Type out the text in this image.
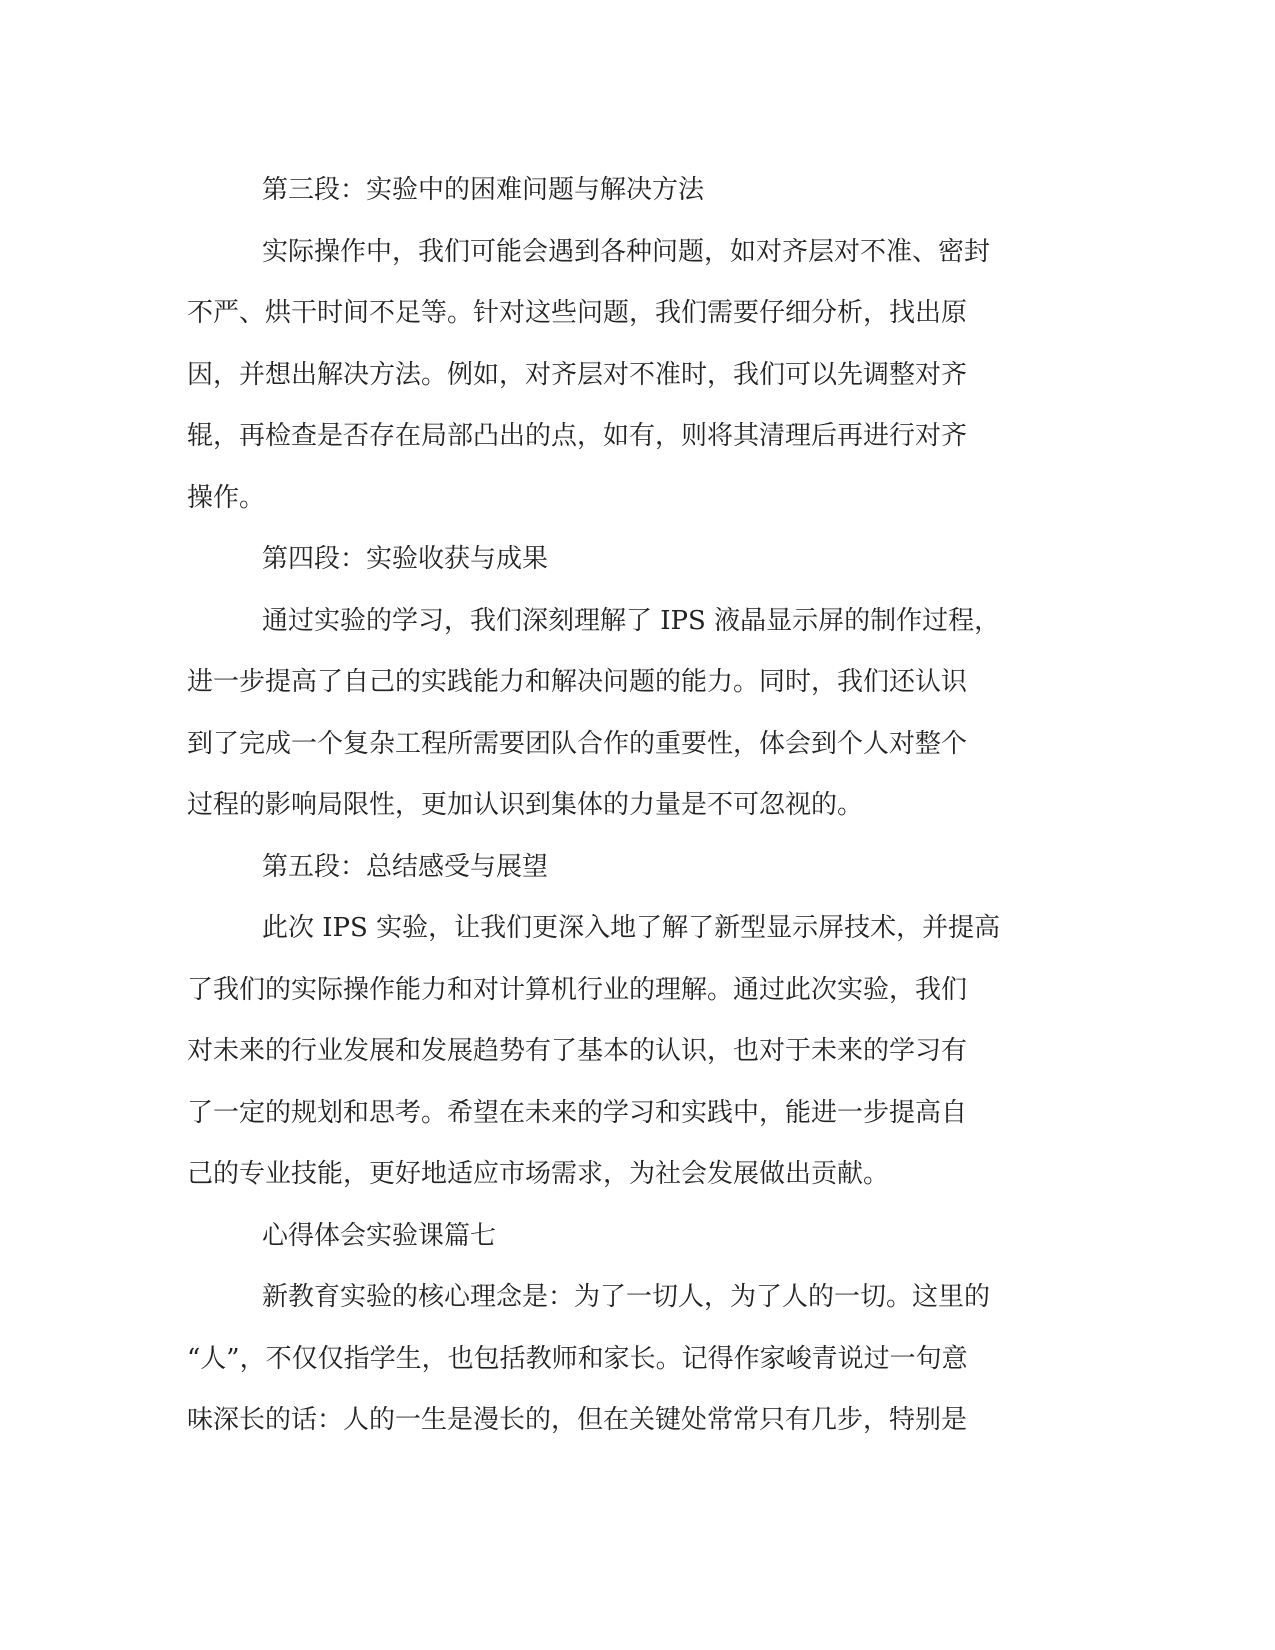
第三段：实验中的困难问题与解决方法
实际操作中，我们可能会遇到各种问题，如对齐层对不准、密封
不严、烘干时间不足等。针对这些问题，我们需要仔细分析，找出原
因，并想出解决方法。例如，对齐层对不准时，我们可以先调整对齐
辊，再检查是否存在局部凸出的点，如有，则将其清理后再进行对齐
操作。
第四段：实验收获与成果
通过实验的学习，我们深刻理解了 IPS 液晶显示屏的制作过程，
进一步提高了自己的实践能力和解决问题的能力。同时，我们还认识
到了完成一个复杂工程所需要团队合作的重要性，体会到个人对整个
过程的影响局限性，更加认识到集体的力量是不可忽视的。
第五段：总结感受与展望
此次 IPS 实验，让我们更深入地了解了新型显示屏技术，并提高
了我们的实际操作能力和对计算机行业的理解。通过此次实验，我们
对未来的行业发展和发展趋势有了基本的认识，也对于未来的学习有
了一定的规划和思考。希望在未来的学习和实践中，能进一步提高自
己的专业技能，更好地适应市场需求，为社会发展做出贡献。
心得体会实验课篇七
新教育实验的核心理念是：为了一切人，为了人的一切。这里的
“人”，不仅仅指学生，也包括教师和家长。记得作家峻青说过一句意
味深长的话：人的一生是漫长的，但在关键处常常只有几步，特别是
